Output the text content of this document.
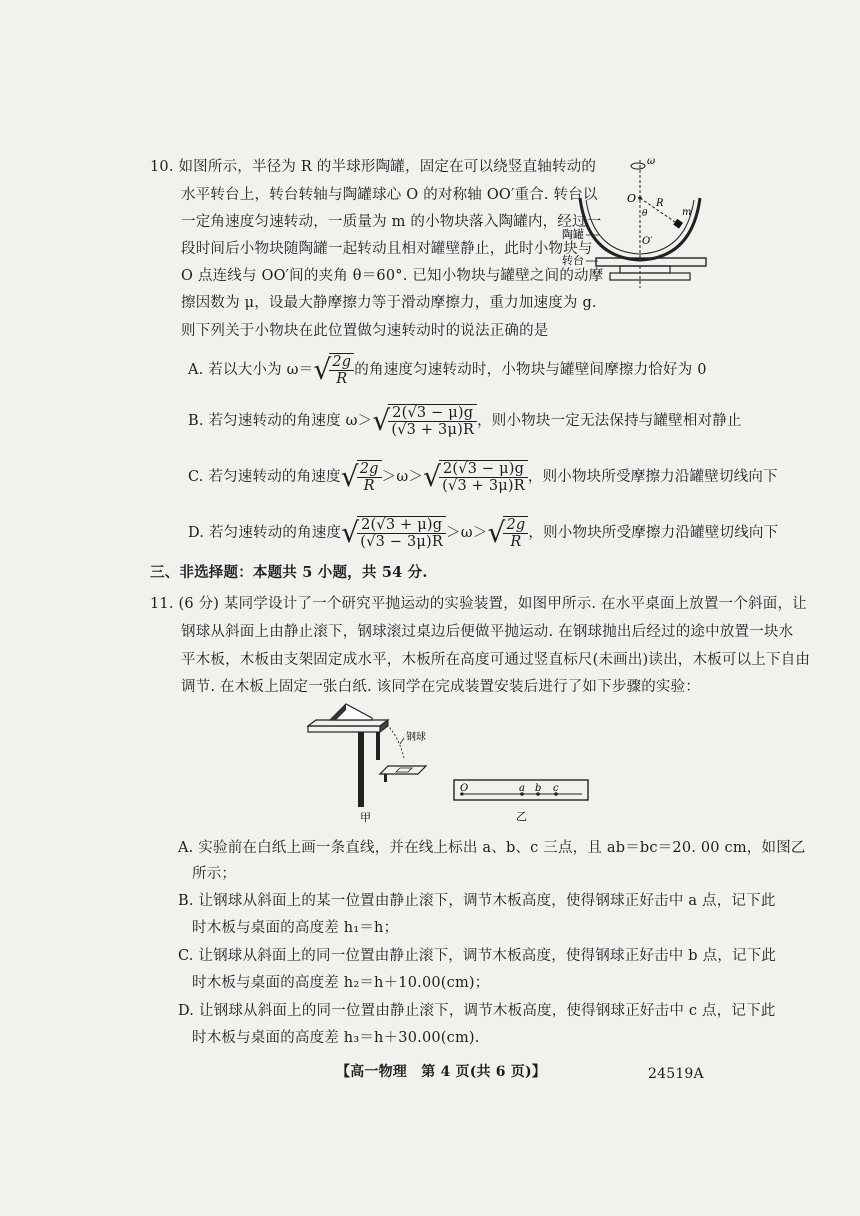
10. 如图所示，半径为 R 的半球形陶罐，固定在可以绕竖直轴转动的
水平转台上，转台转轴与陶罐球心 O 的对称轴 OO′重合. 转台以
一定角速度匀速转动，一质量为 m 的小物块落入陶罐内，经过一
段时间后小物块随陶罐一起转动且相对罐壁静止，此时小物块与
O 点连线与 OO′间的夹角 θ＝60°. 已知小物块与罐壁之间的动摩
擦因数为 μ，设最大静摩擦力等于滑动摩擦力，重力加速度为 g.
则下列关于小物块在此位置做匀速转动时的说法正确的是
ω
O R
θ	m
O′
陶罐
转台
A. 若以大小为 ω＝ √
$\frac{2g}{R}$ 的角速度匀速转动时，小物块与罐壁间摩擦力恰好为 0
B. 若匀速转动的角速度 ω＞ √
$\frac{2(√3 - \mu)g}{(√3 + 3\mu)R}$ ，则小物块一定无法保持与罐壁相对静止
C. 若匀速转动的角速度 √
$\frac{2g}{R} >\omega>$ √
$\frac{2(√3 - \mu)g}{(√3 + 3\mu)R}$ ，则小物块所受摩擦力沿罐壁切线向下
D. 若匀速转动的角速度 √
$\frac{2(√3 + \mu)g}{(√3 - 3\mu)R} >\omega>$ √
$\frac{2g}{R}$ ，则小物块所受摩擦力沿罐壁切线向下
三、非选择题：本题共 5 小题，共 54 分.
11. (6 分) 某同学设计了一个研究平抛运动的实验装置，如图甲所示. 在水平桌面上放置一个斜面，让
钢球从斜面上由静止滚下，钢球滚过桌边后便做平抛运动. 在钢球抛出后经过的途中放置一块水
平木板，木板由支架固定成水平，木板所在高度可通过竖直标尺(未画出)读出，木板可以上下自由
调节. 在木板上固定一张白纸. 该同学在完成装置安装后进行了如下步骤的实验：
钢球
甲
O	a b c
乙
A. 实验前在白纸上画一条直线，并在线上标出 a、b、c 三点，且 ab＝bc＝20. 00 cm，如图乙
所示；
B. 让钢球从斜面上的某一位置由静止滚下，调节木板高度，使得钢球正好击中 a 点，记下此
时木板与桌面的高度差 h₁＝h；
C. 让钢球从斜面上的同一位置由静止滚下，调节木板高度，使得钢球正好击中 b 点，记下此
时木板与桌面的高度差 h₂＝h＋10.00(cm)；
D. 让钢球从斜面上的同一位置由静止滚下，调节木板高度，使得钢球正好击中 c 点，记下此
时木板与桌面的高度差 h₃＝h＋30.00(cm).
【高一物理　第 4 页(共 6 页)】	24519A
